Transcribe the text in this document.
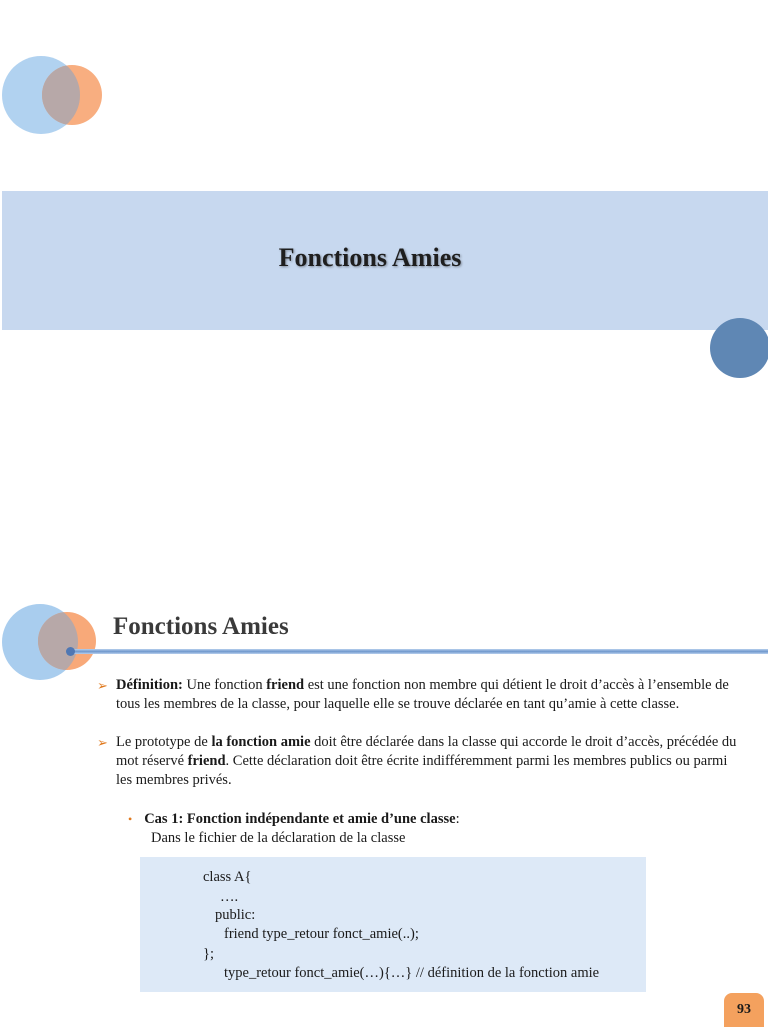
Fonctions Amies
Fonctions Amies
➢ Définition: Une fonction friend est une fonction non membre qui détient le droit d’accès à l’ensemble de tous les membres de la classe, pour laquelle elle se trouve déclarée en tant qu’amie à cette classe.
➢ Le prototype de la fonction amie doit être déclarée dans la classe qui accorde le droit d’accès, précédée du mot réservé friend. Cette déclaration doit être écrite indifféremment parmi les membres publics ou parmi les membres privés.
• Cas 1: Fonction indépendante et amie d’une classe:
Dans le fichier de la déclaration de la classe
class A{
….
public:
friend type_retour fonct_amie(..);
};
type_retour fonct_amie(…){…} // définition de la fonction amie
93
